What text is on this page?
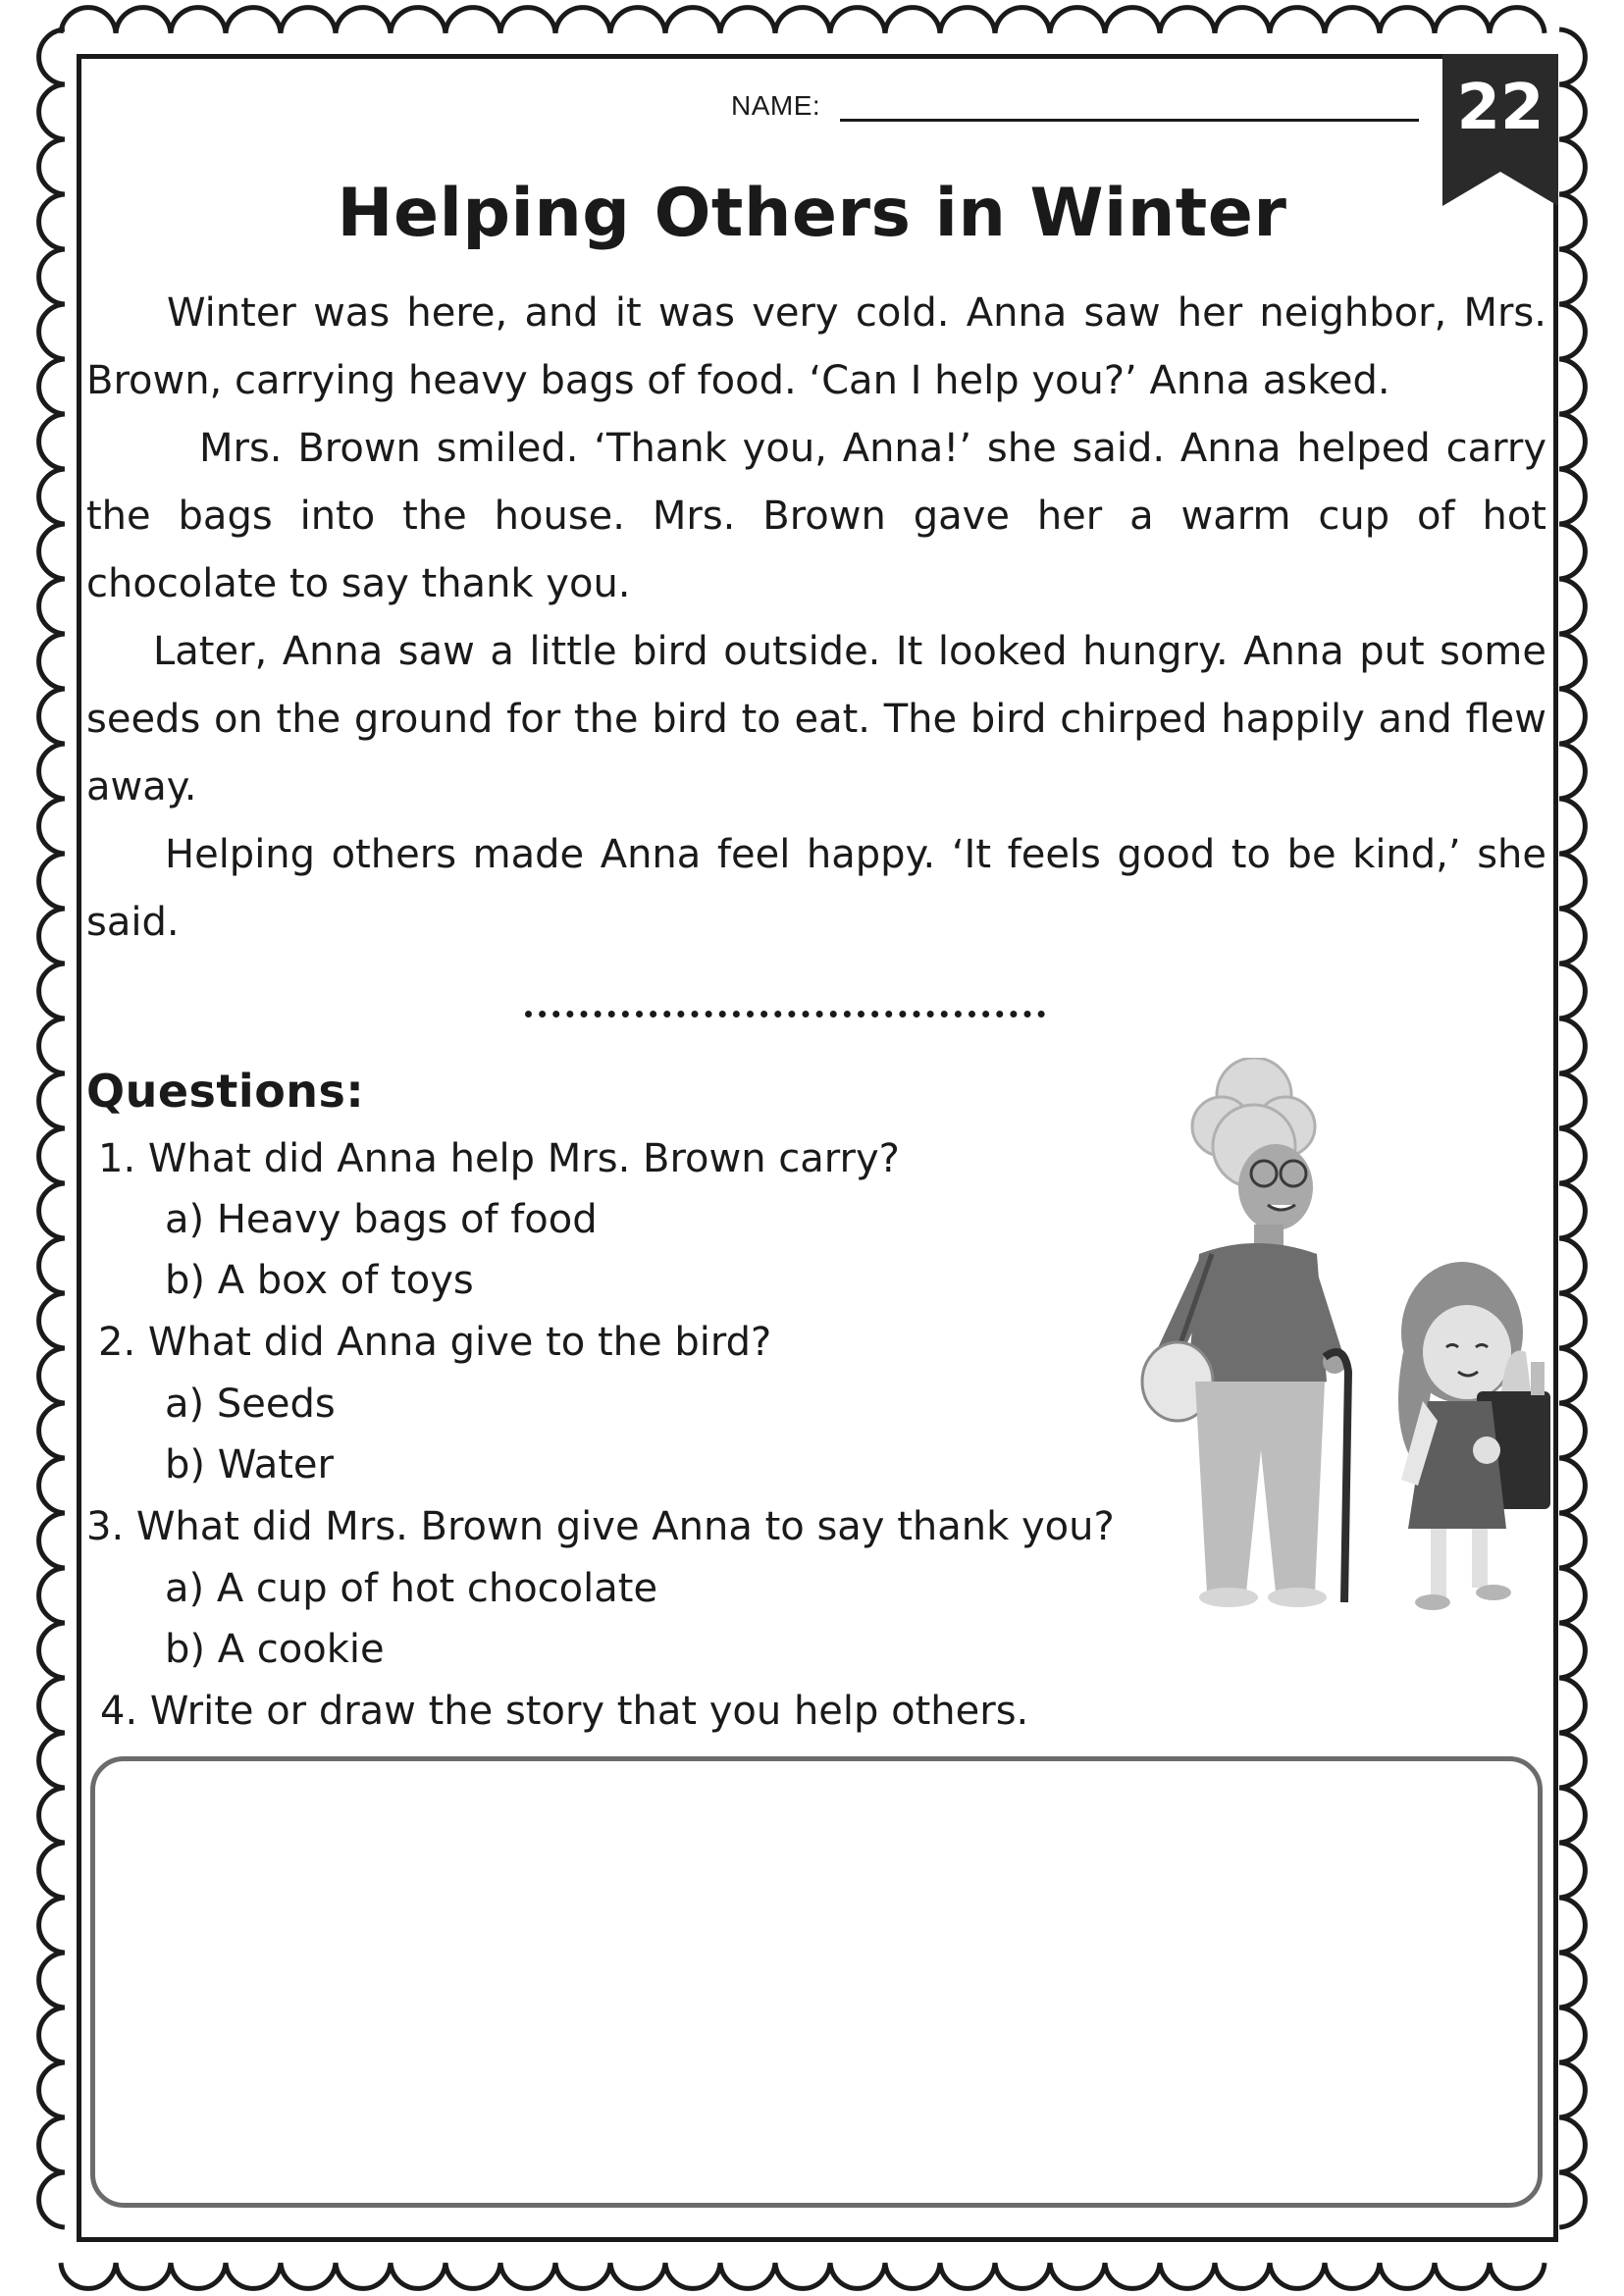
NAME:	22
Helping Others in Winter

Winter was here, and it was very cold. Anna saw her neighbor, Mrs. Brown, carrying heavy bags of food. ‘Can I help you?’ Anna asked.

Mrs. Brown smiled. ‘Thank you, Anna!’ she said. Anna helped carry the bags into the house. Mrs. Brown gave her a warm cup of hot chocolate to say thank you.

Later, Anna saw a little bird outside. It looked hungry. Anna put some seeds on the ground for the bird to eat. The bird chirped happily and flew away.

Helping others made Anna feel happy. ‘It feels good to be kind,’ she said.

Questions:
1. What did Anna help Mrs. Brown carry?
a) Heavy bags of food
b) A box of toys
2. What did Anna give to the bird?
a) Seeds
b) Water
3. What did Mrs. Brown give Anna to say thank you?
a) A cup of hot chocolate
b) A cookie
4. Write or draw the story that you help others.
